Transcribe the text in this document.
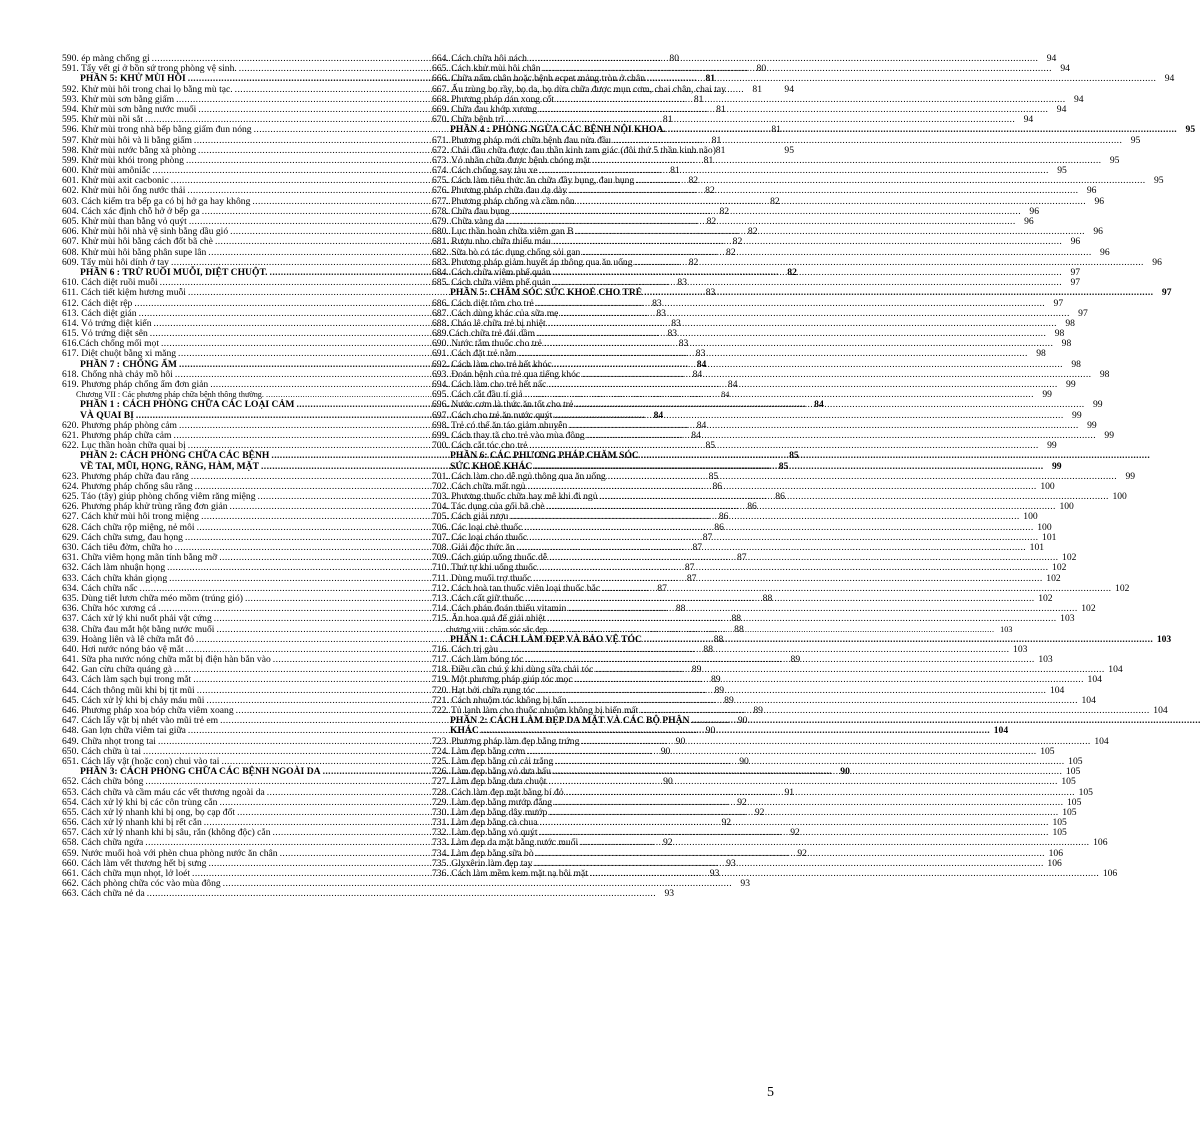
590. ép màng chống gỉ .....	80
591. Tẩy vết gỉ ở bồn sứ trong phòng vệ sinh. .....	80
PHẦN 5: KHỬ MÙI HÔI .....	81
592. Khử mùi hôi trong chai lọ bằng mù tạc. .....	81
593. Khử mùi sơn bằng giấm .....	81
594. Khử mùi sơn bằng nước muối .....	81
595. Khử mùi nồi sắt .....	81
596. Khử mùi trong nhà bếp bằng giấm đun nóng .....	81
597. Khử mùi hôi và li bằng giấm .....	81
598. Khử mùi nước bằng xà phòng .....	81
599. Khử mùi khói trong phòng .....	81
600. Khử mùi amôniắc .....	81
601. Khử mùi axit cacbonic .....	82
602. Khử mùi hôi ống nước thải .....	82
603. Cách kiểm tra bếp ga có bị hở ga hay không .....	82
604. Cách xác định chỗ hở ở bếp ga .....	82
605. Khử mùi than bằng vỏ quýt .....	82
606. Khử mùi hôi nhà vệ sinh bằng dầu gió .....	82
607. Khử mùi hôi bằng cách đốt bã chè .....	82
608. Khử mùi hôi bằng phân supe lân .....	82
609. Tẩy mùi hôi dính ở tay .....	82
PHẦN 6 : TRỪ RUỒI MUỖI, DIỆT CHUỘT. .....	82
610. Cách diệt ruồi muỗi .....	83
611. Cách tiết kiệm hương muỗi .....	83
612. Cách diệt rệp .....	83
613. Cách diệt gián .....	83
614. Vỏ trứng diệt kiến .....	83
615. Vỏ trứng diệt sên .....	83
616.Cách chống mối mọt .....	83
617. Diệt chuột bằng xi măng .....	83
PHẦN 7 : CHỐNG ẨM .....	84
618. Chống nhà chảy mồ hôi .....	84
619. Phương pháp chống ẩm đơn giản .....	84
Chương VII : Các phương pháp chữa bệnh thông thường. .....	84
PHẦN 1 : CÁCH PHÒNG CHỮA CÁC LOẠI CẢM .....	84
VÀ QUAI BỊ .....	84
620. Phương pháp phòng cảm .....	84
621. Phương pháp chữa cảm .....	84
622. Lục thần hoàn chữa quai bị .....	85
PHẦN 2: CÁCH PHÒNG CHỮA CÁC BỆNH .....	85
VỀ TAI, MŨI, HỌNG, RĂNG, HÀM, MẶT .....	85
623. Phương pháp chữa đau răng .....	85
624. Phương pháp chống sâu răng .....	86
625. Táo (tây) giúp phòng chống viêm răng miệng .....	86
626. Phương pháp khử trùng răng đơn giản .....	86
627. Cách khử mùi hôi trong miệng .....	86
628. Cách chữa rộp miệng, nẻ môi .....	86
629. Cách chữa sưng, đau họng .....	87
630. Cách tiêu đờm, chữa ho .....	87
631. Chữa viêm họng mãn tính bằng mỡ .....	87
632. Cách làm nhuận họng .....	87
633. Cách chữa khản giọng .....	87
634. Cách chữa nấc .....	87
635. Dùng tiết lươn chữa méo mồm (trúng gió) .....	88
636. Chữa hóc xương cá .....	88
637. Cách xử lý khi nuốt phải vật cứng .....	88
638. Chữa đau mắt hột bằng nước muối .....	88
639. Hoàng liên và lê chữa mắt đỏ .....	88
640. Hơi nước nóng bảo vệ mắt .....	88
641. Sữa pha nước nóng chữa mắt bị điện hàn bắn vào .....	89
642. Gan cừu chữa quáng gà .....	89
643. Cách làm sạch bụi trong mắt .....	89
644. Cách thông mũi khi bị tịt mũi .....	89
645. Cách xử lý khi bị chảy máu mũi .....	89
646. Phương pháp xoa bóp chữa viêm xoang .....	89
647. Cách lấy vật bị nhét vào mũi trẻ em .....	90
648. Gan lợn chữa viêm tai giữa .....	90
649. Chữa nhọt trong tai .....	90
650. Cách chữa ù tai .....	90
651. Cách lấy vật (hoặc con) chui vào tai .....	90
PHẦN 3: CÁCH PHÒNG CHỮA CÁC BỆNH NGOÀI DA .....	90
652. Cách chữa bỏng .....	90
653. Cách chữa và cầm máu các vết thương ngoài da .....	91
654. Cách xử lý khi bị các côn trùng cắn .....	92
655. Cách xử lý nhanh khi bị ong, bọ cạp đốt .....	92
656. Cách xử lý nhanh khi bị rết cắn .....	92
657. Cách xử lý nhanh khi bị sâu, rắn (không độc) cắn .....	92
658. Cách chữa ngứa .....	92
659. Nước muối hoà với phèn chua phòng nước ăn chân .....	92
660. Cách làm vết thương hết bị sưng .....	93
661. Cách chữa mụn nhọt, lở loét .....	93
662. Cách phòng chữa cóc vào mùa đông .....	93
663. Cách chữa nẻ da .....	93
664. Cách chữa hôi nách .....	94
665. Cách khử mùi hôi chân .....	94
666. Chữa nấm chân hoặc bệnh ecpet mảng tròn ở chân .....	94
667. Ấu trùng bọ rầy, bọ da, bọ dừa chữa được mụn cơm, chai chân, chai tay	94
668. Phương pháp dán xong cốt .....	94
669. Chữa đau khớp xương .....	94
670. Chữa bệnh trĩ .....	94
PHẦN 4 : PHÒNG NGỪA CÁC BỆNH NỘI KHOA. .....	95
671. Phương pháp mới chữa bệnh đau nửa đầu .....	95
672. Chải đầu chữa được đau thần kinh tam giác (đôi thứ 5 thần kinh não)	95
673. Vỏ nhãn chữa được bệnh chóng mặt .....	95
674. Cách chống say tàu xe .....	95
675. Cách làm tiêu thức ăn chữa đầy bụng, đau bụng .....	95
676. Phương pháp chữa đau dạ dày .....	96
677. Phương pháp chống và cầm nôn .....	96
678. Chữa đau bụng .....	96
679. Chữa vàng da .....	96
680. Lục thần hoàn chữa viêm gan B .....	96
681. Rượu nho chữa thiếu máu .....	96
682. Sữa bò có tác dụng chống sỏi gan .....	96
683. Phương pháp giảm huyết áp thông qua ăn uống .....	96
684. Cách chữa viêm phế quản .....	97
685. Cách chữa viêm phế quản .....	97
PHẦN 5: CHĂM SÓC SỨC KHOẺ CHO TRẺ .....	97
686. Cách diệt tôm cho trẻ .....	97
687. Cách dùng khác của sữa mẹ .....	97
688. Cháo lê chữa trẻ bị nhiệt .....	98
689.Cách chữa trẻ đái dầm .....	98
690. Nước tắm thuốc cho trẻ .....	98
691. Cách đặt trẻ nằm .....	98
692. Cách làm cho trẻ hết khóc .....	98
693. Đoán bệnh của trẻ qua tiếng khóc .....	98
694. Cách làm cho trẻ hết nấc .....	99
695. Cách cắt đầu tí giả .....	99
696. Nước cơm là thức ăn tốt cho trẻ .....	99
697. Cách cho trẻ ăn nước quýt .....	99
698. Trẻ có thể ăn táo giảm nhuyễn .....	99
699. Cách thay tã cho trẻ vào mùa đông .....	99
700. Cách cắt tóc cho trẻ .....	99
PHẦN 6: CÁC PHƯƠNG PHÁP CHĂM SÓC
.....
SỨC KHOẺ KHÁC .....	99
701. Cách làm cho dễ ngủ thông qua ăn uống .....	99
702. Cách chữa mất ngủ .....	100
703. Phương thuốc chữa hay mê khi đi ngủ .....	100
704. Tác dụng của gối bã chè .....	100
705. Cách giải rượu .....	100
706. Các loại chè thuốc .....	100
707. Các loại cháo thuốc .....	101
708. Giải độc thức ăn .....	101
709. Cách giúp uống thuốc dễ .....	102
710. Thứ tự khi uống thuốc .....	102
711. Dùng muối trợ thuốc .....	102
712. Cách hoà tan thuốc viên loại thuốc bắc .....	102
713. Cách cất giữ thuốc .....	102
714. Cách phán đoán thiếu vitamin .....	102
715. Ăn hoa quả để giải nhiệt .....	103
chương viii : chăm sóc sắc đẹp .....	103
PHẦN 1: CÁCH LÀM ĐẸP VÀ BẢO VỆ TÓC .....	103
716. Cách trị gàu .....	103
717. Cách làm bóng tóc .....	103
718. Điều cần chú ý khi dùng sữa chải tóc .....	104
719. Một phương pháp giúp tóc mọc .....	104
720. Hạt bởi chữa rụng tóc .....	104
721. Cách nhuộm tóc không bị bẩn .....	104
722. Tủ lạnh làm cho thuốc nhuộm không bị biến mất .....	104
PHẦN 2: CÁCH LÀM ĐẸP DA MẶT VÀ CÁC BỘ PHẬN
.....
KHÁC .....	104
723. Phương pháp làm đẹp bằng trứng .....	104
724. Làm đẹp bằng cơm .....	105
725. Làm đẹp bằng củ cải trắng .....	105
726. Làm đẹp bằng vỏ dưa hấu .....	105
727. Làm đẹp bằng dưa chuột .....	105
728. Cách làm đẹp mặt bằng bí đỏ .....	105
729. Làm đẹp bằng mướp đắng .....	105
730. Làm đẹp bằng dây mướp .....	105
731. Làm đẹp bằng cà chua .....	105
732. Làm đẹp bằng vỏ quýt .....	105
733. Làm đẹp da mặt bằng nước muối .....	106
734. Làm đẹp bằng sữa bò .....	106
735. Glyxêrin làm đẹp tay .....	106
736. Cách làm mềm kem mặt nạ bôi mặt .....	106
5
